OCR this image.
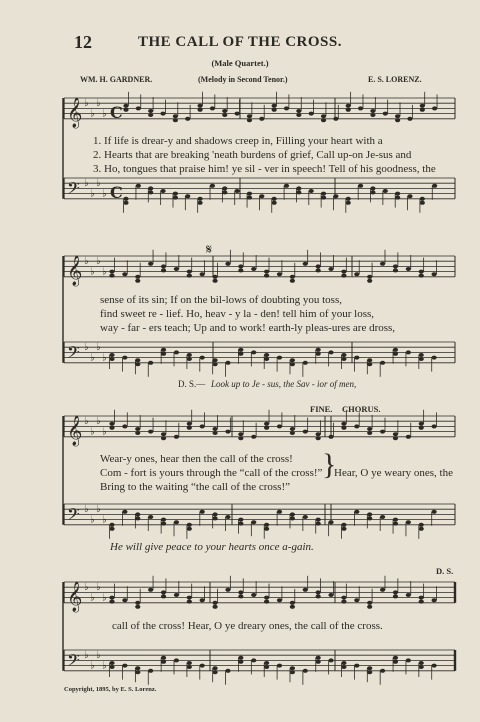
12	THE CALL OF THE CROSS.
(Male Quartet.)
WM. H. GARDNER.	(Melody in Second Tenor.)	E. S. LORENZ.
𝄞 ♭
♭
♭
♭
𝄢 ♭
♭
♭
♭
𝄞 ♭
♭
♭
♭
𝄢 ♭
♭
♭
♭
𝄞 ♭
♭
♭
♭
𝄢 ♭
♭
♭
♭
𝄞 ♭
♭
♭
♭
𝄢 ♭
♭
♭
♭
C
C
𝄋
1. If life is drear-y and shadows creep in, Filling your heart with a
2. Hearts that are breaking 'neath burdens of grief, Call up-on Je-sus and
3. Ho, tongues that praise him! ye sil - ver in speech! Tell of his goodness, the
sense of its sin; If on the bil-lows of doubting you toss,
find sweet re - lief. Ho, heav - y la - den! tell him of your loss,
way - far - ers teach; Up and to work! earth-ly pleas-ures are dross,
D. S.— Look up to Je - sus, the Sav - ior of men,
FINE. CHORUS.
Wear-y ones, hear then the call of the cross!
Com - fort is yours through the “call of the cross!”
Bring to the waiting “the call of the cross!”
}
Hear, O ye weary ones, the
He will give peace to your hearts once a-gain.
D. S.
call of the cross! Hear, O ye dreary ones, the call of the cross.
Copyright, 1895, by E. S. Lorenz.
